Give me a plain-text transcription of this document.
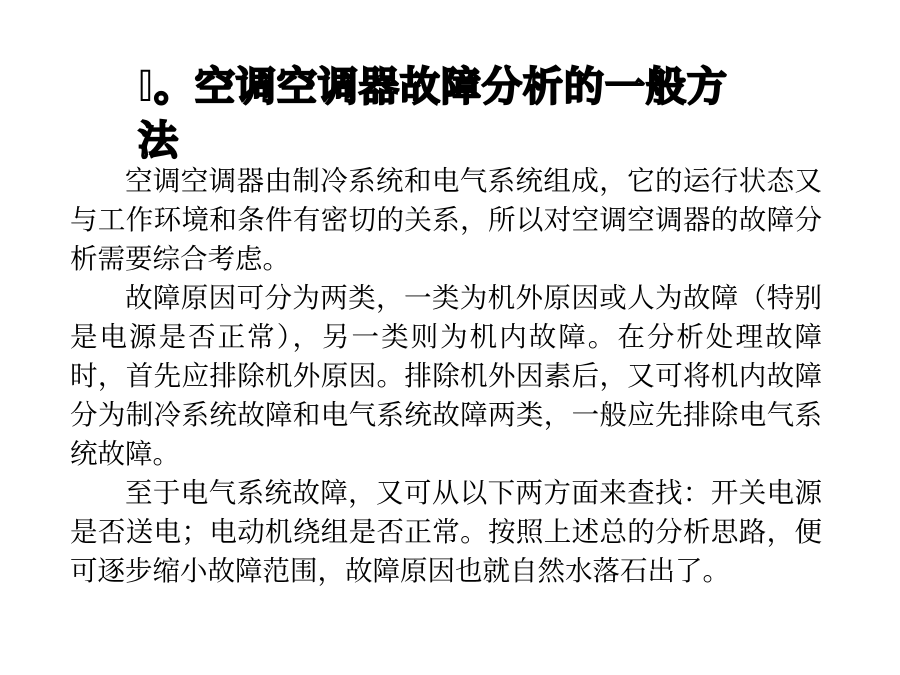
Ⅰ。空调空调器故障分析的一般方法

空调空调器由制冷系统和电气系统组成，它的运行状态又与工作环境和条件有密切的关系，所以对空调空调器的故障分析需要综合考虑。

故障原因可分为两类，一类为机外原因或人为故障（特别是电源是否正常），另一类则为机内故障。在分析处理故障时，首先应排除机外原因。排除机外因素后，又可将机内故障分为制冷系统故障和电气系统故障两类，一般应先排除电气系统故障。

至于电气系统故障，又可从以下两方面来查找：开关电源是否送电；电动机绕组是否正常。按照上述总的分析思路，便可逐步缩小故障范围，故障原因也就自然水落石出了。
